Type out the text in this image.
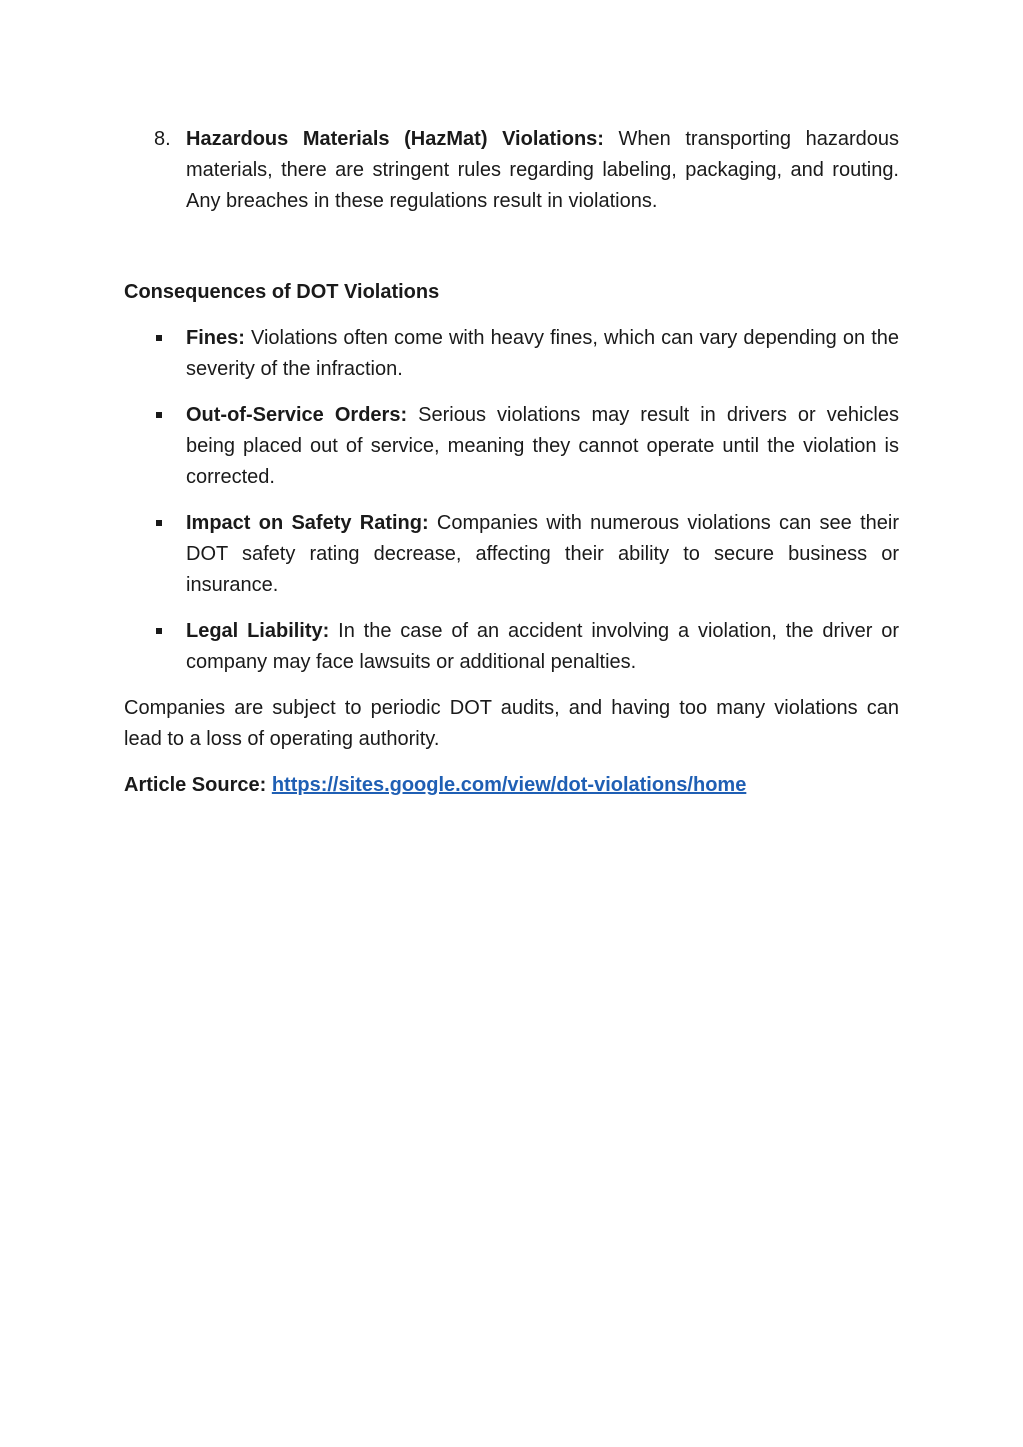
8. Hazardous Materials (HazMat) Violations: When transporting hazardous materials, there are stringent rules regarding labeling, packaging, and routing. Any breaches in these regulations result in violations.
Consequences of DOT Violations
Fines: Violations often come with heavy fines, which can vary depending on the severity of the infraction.
Out-of-Service Orders: Serious violations may result in drivers or vehicles being placed out of service, meaning they cannot operate until the violation is corrected.
Impact on Safety Rating: Companies with numerous violations can see their DOT safety rating decrease, affecting their ability to secure business or insurance.
Legal Liability: In the case of an accident involving a violation, the driver or company may face lawsuits or additional penalties.
Companies are subject to periodic DOT audits, and having too many violations can lead to a loss of operating authority.
Article Source: https://sites.google.com/view/dot-violations/home
